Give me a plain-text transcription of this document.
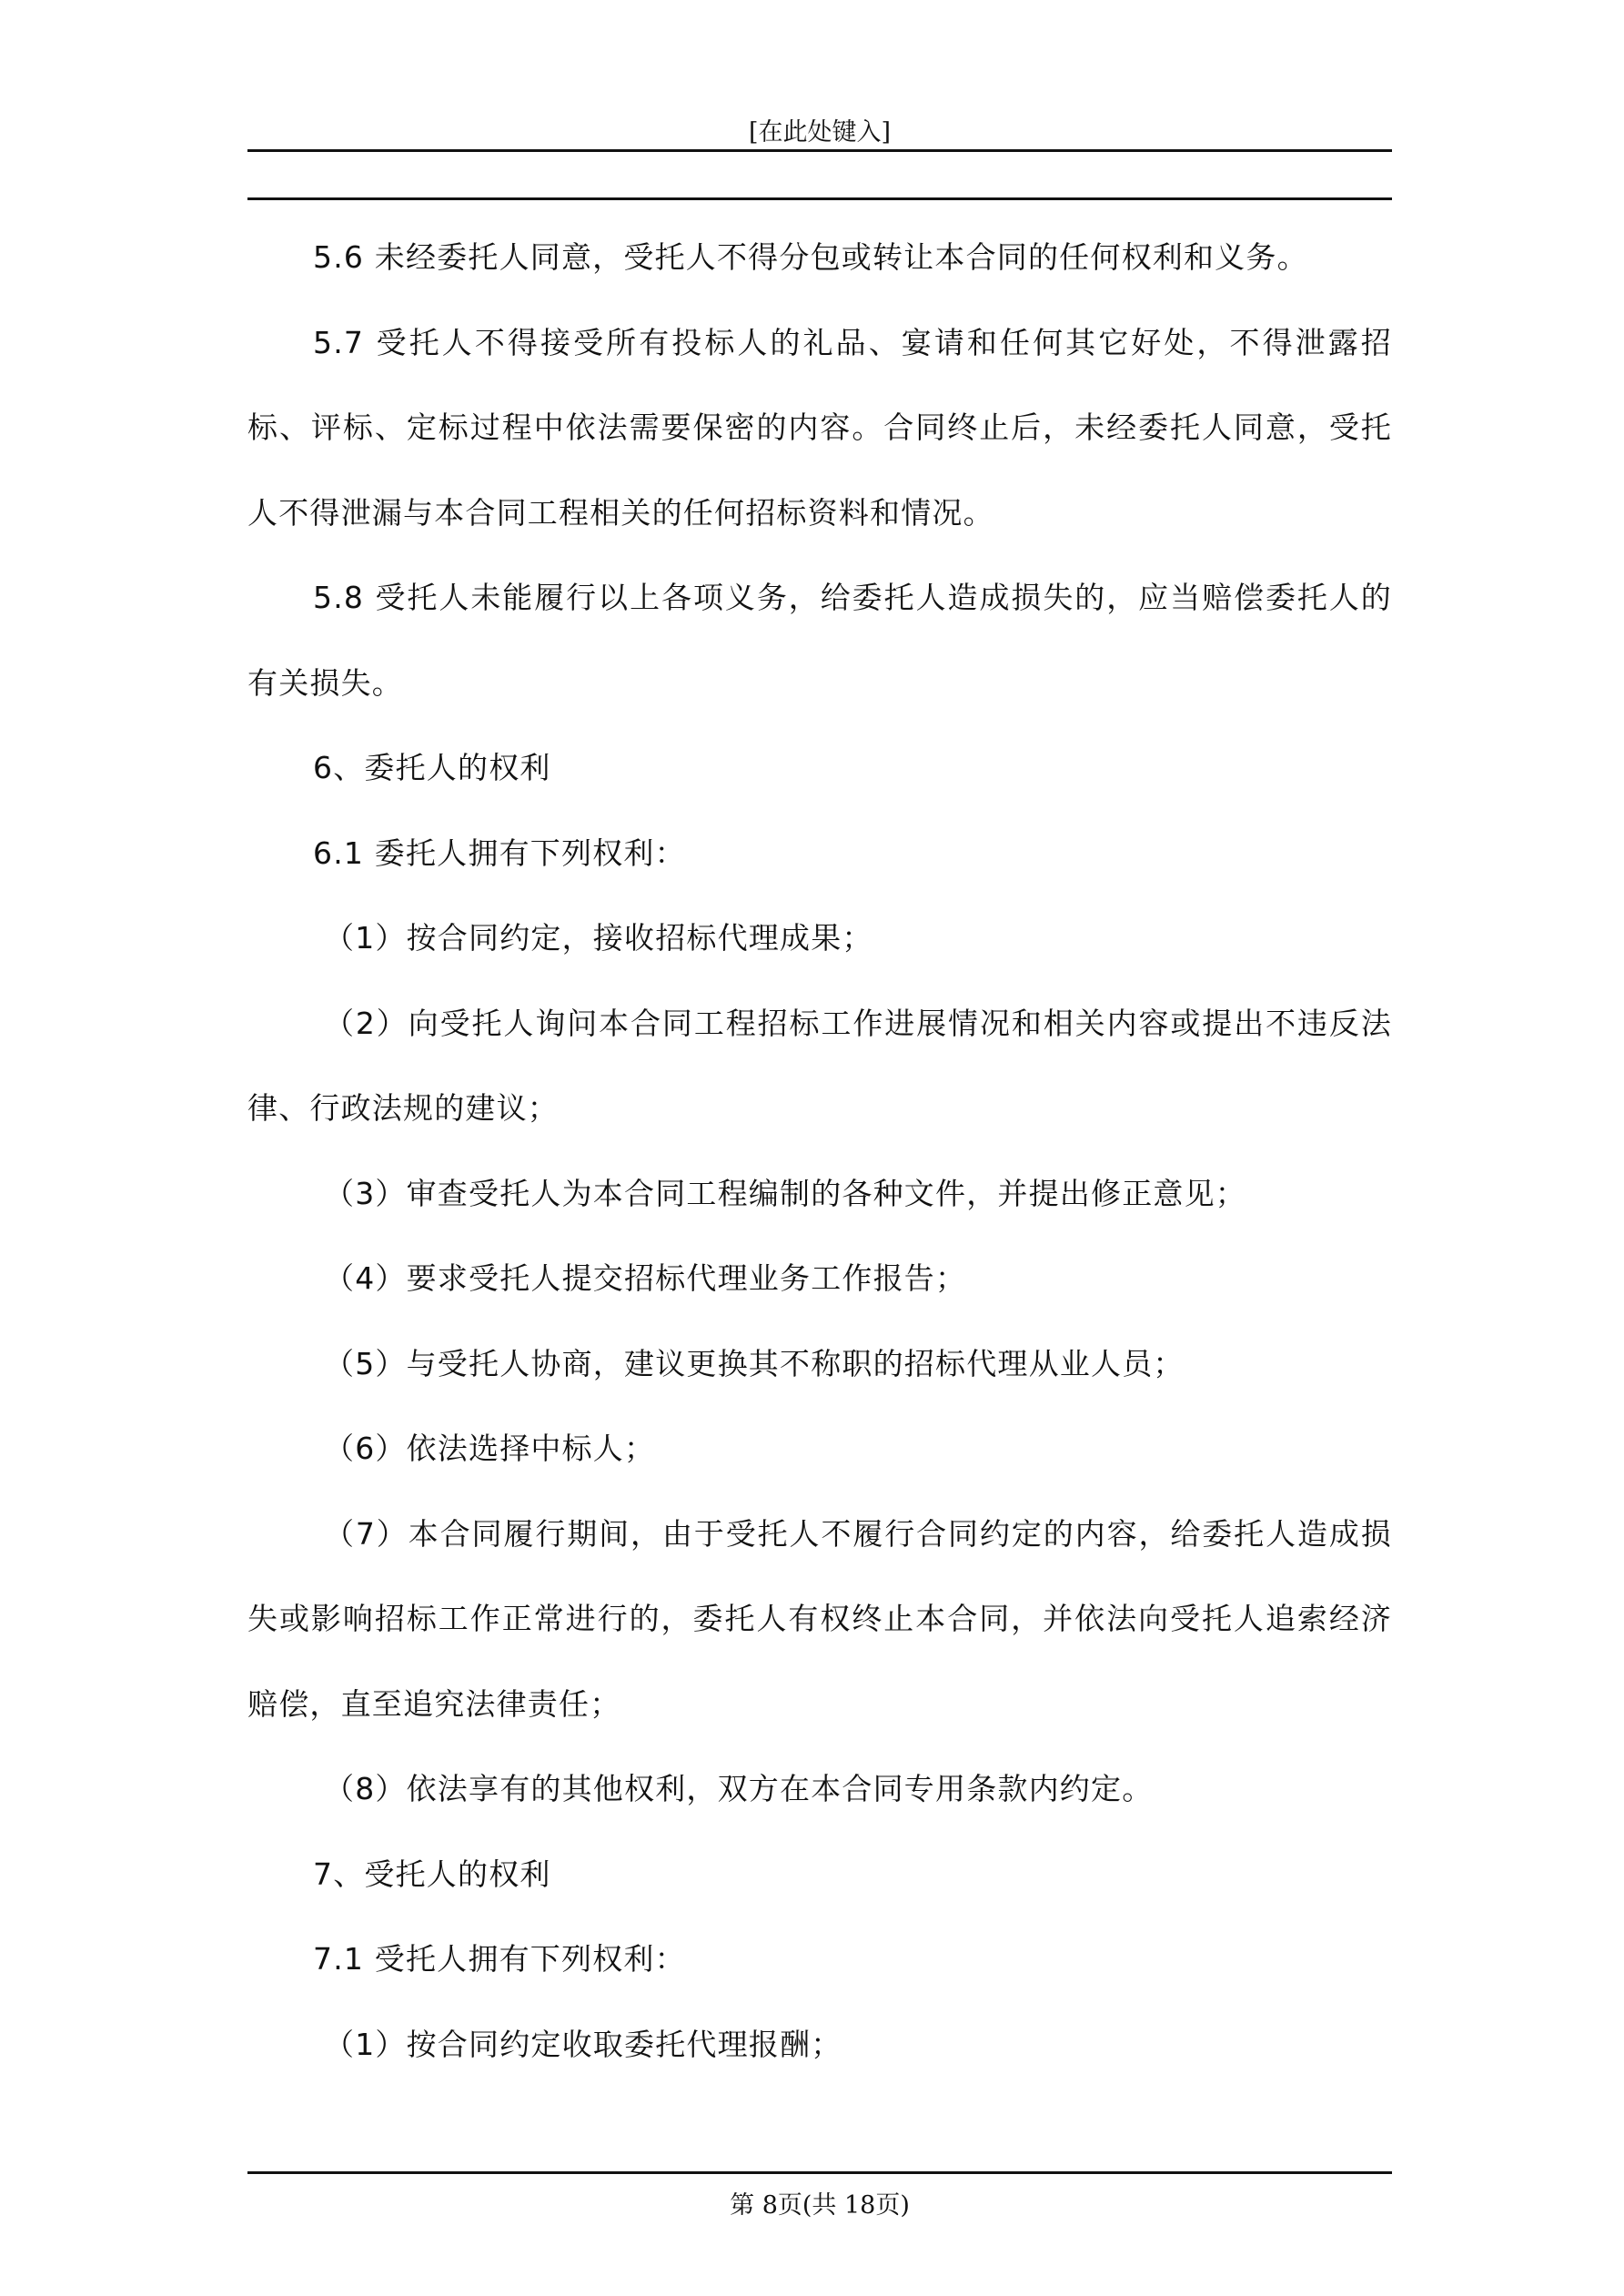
[在此处键入]

5.6 未经委托人同意，受托人不得分包或转让本合同的任何权利和义务。

5.7 受托人不得接受所有投标人的礼品、宴请和任何其它好处，不得泄露招标、评标、定标过程中依法需要保密的内容。合同终止后，未经委托人同意，受托人不得泄漏与本合同工程相关的任何招标资料和情况。

5.8 受托人未能履行以上各项义务，给委托人造成损失的，应当赔偿委托人的有关损失。

6、委托人的权利

6.1 委托人拥有下列权利：

（1）按合同约定，接收招标代理成果；

（2）向受托人询问本合同工程招标工作进展情况和相关内容或提出不违反法律、行政法规的建议；

（3）审查受托人为本合同工程编制的各种文件，并提出修正意见；

（4）要求受托人提交招标代理业务工作报告；

（5）与受托人协商，建议更换其不称职的招标代理从业人员；

（6）依法选择中标人；

（7）本合同履行期间，由于受托人不履行合同约定的内容，给委托人造成损失或影响招标工作正常进行的，委托人有权终止本合同，并依法向受托人追索经济赔偿，直至追究法律责任；

（8）依法享有的其他权利，双方在本合同专用条款内约定。

7、受托人的权利

7.1 受托人拥有下列权利：

（1）按合同约定收取委托代理报酬；

第 8页(共 18页)
